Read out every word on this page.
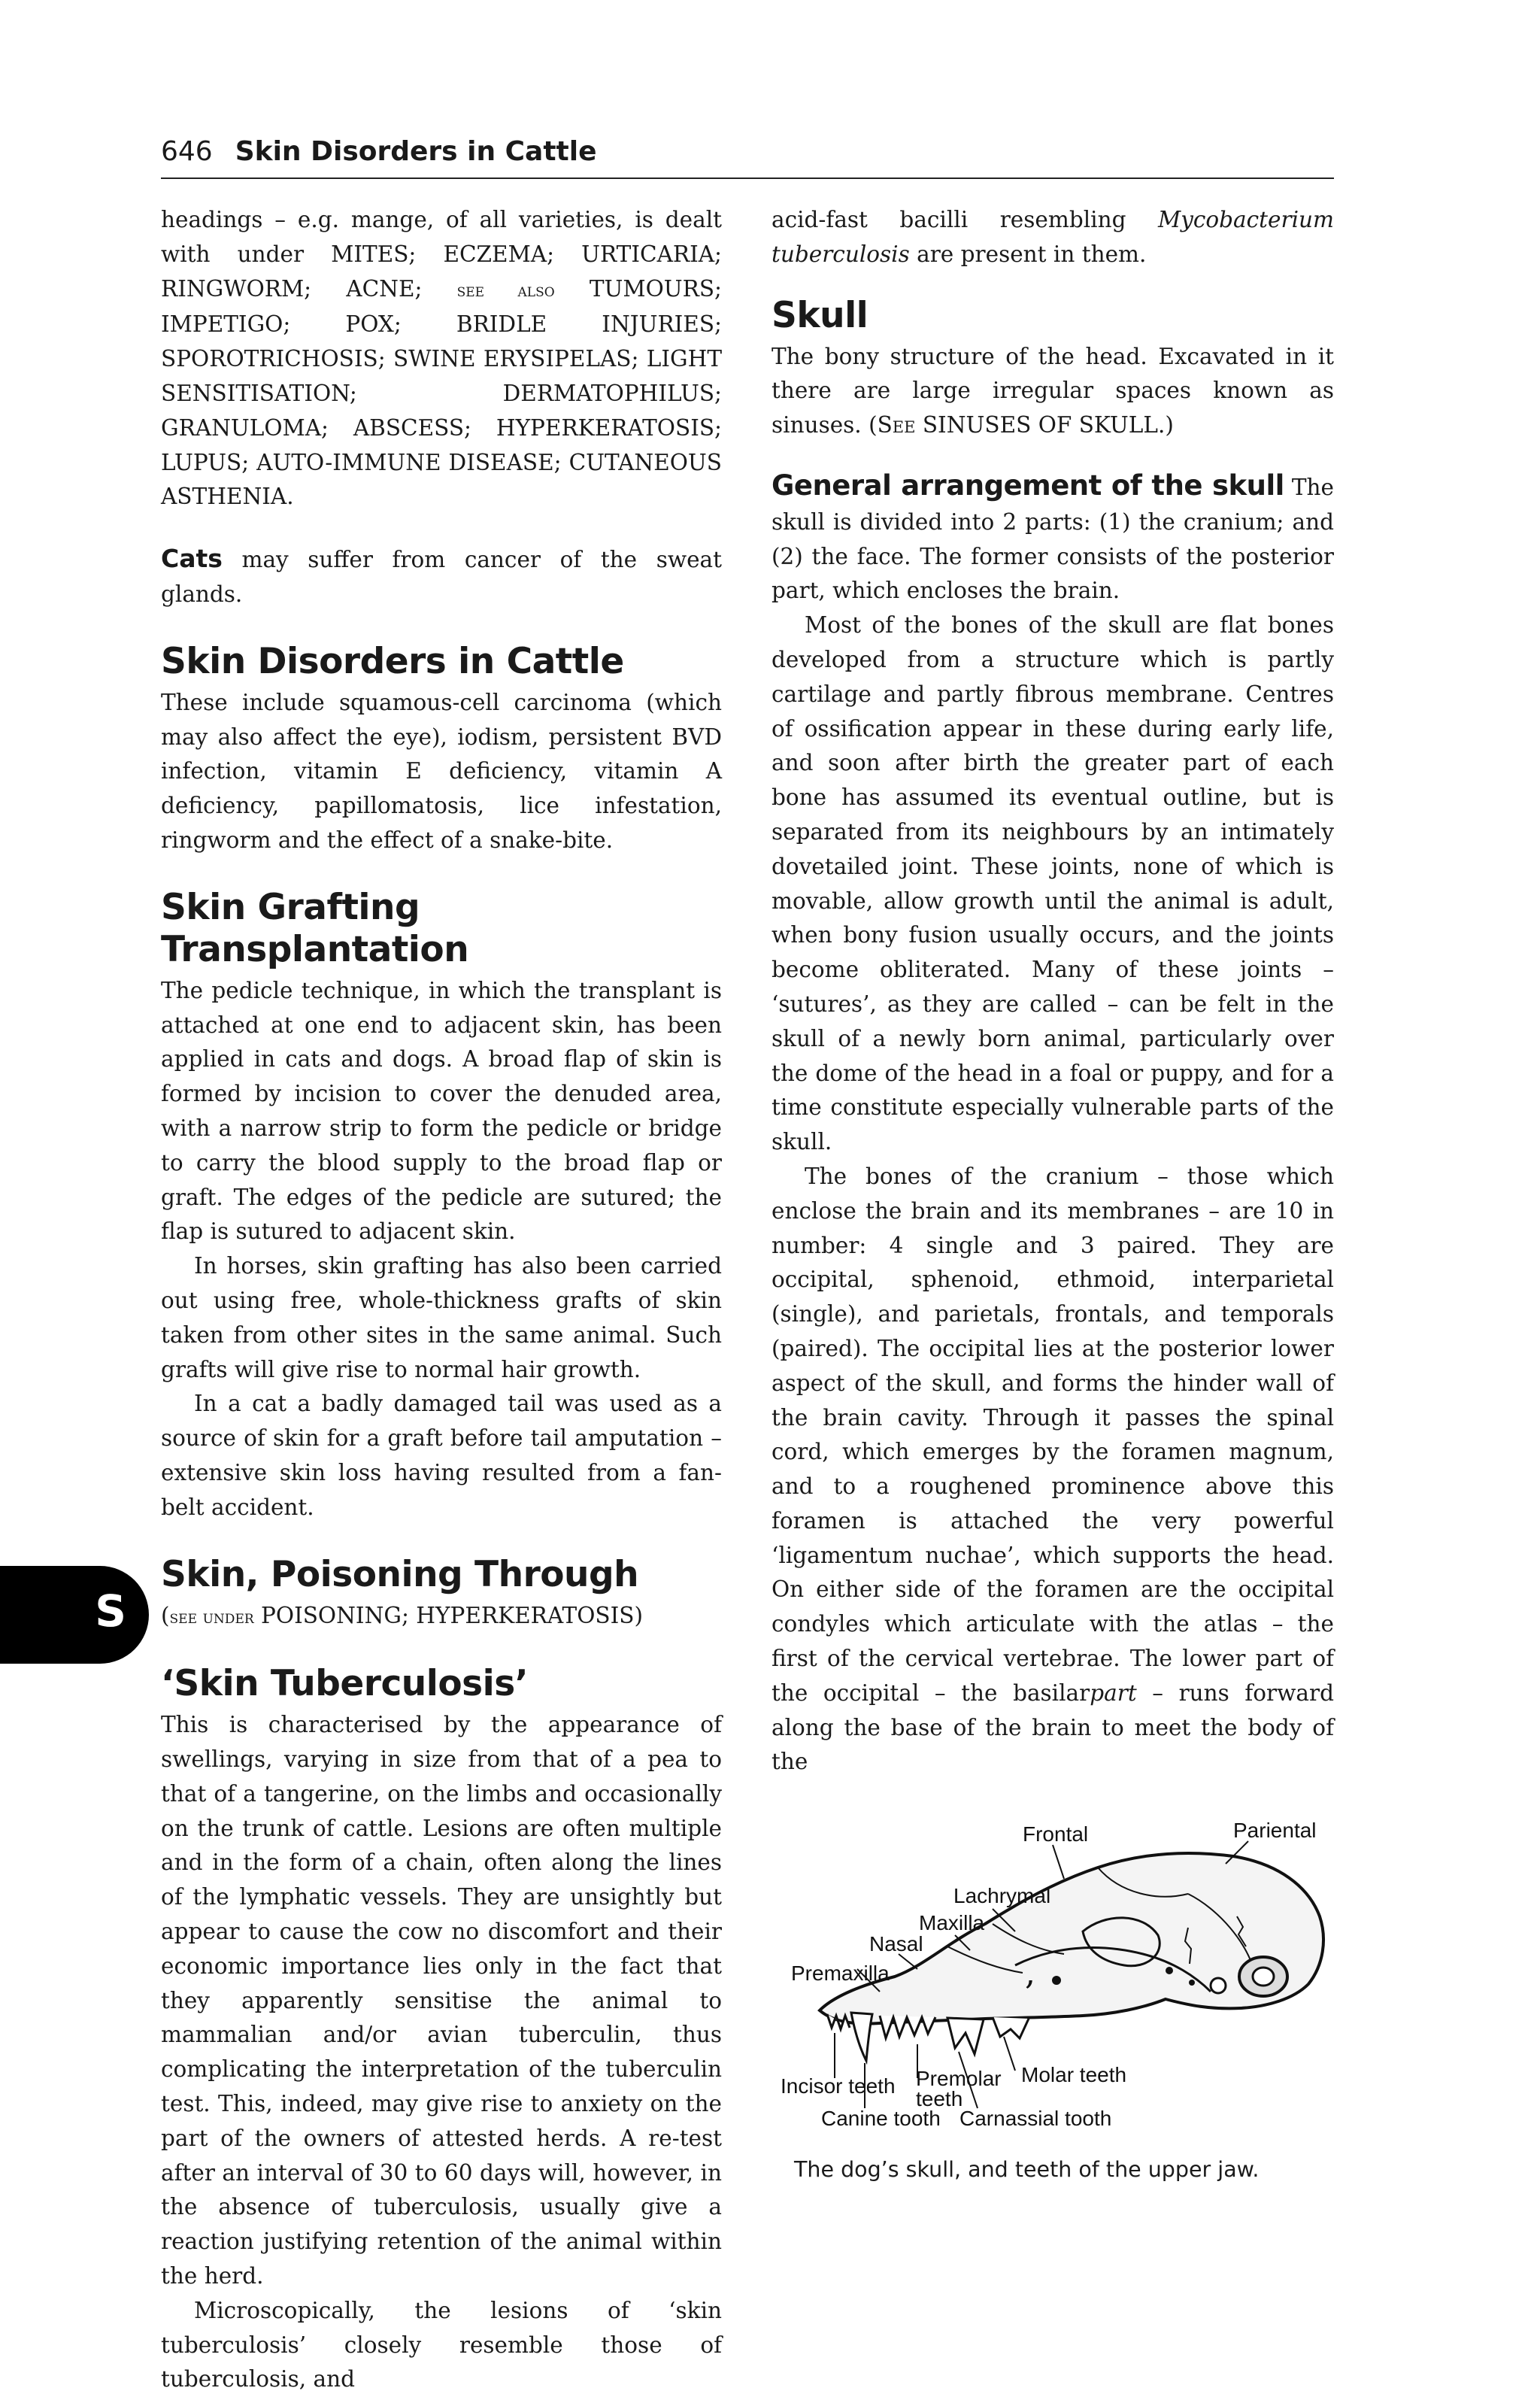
646 Skin Disorders in Cattle

headings – e.g. mange, of all varieties, is dealt with under MITES; ECZEMA; URTICARIA; RINGWORM; ACNE; see also TUMOURS; IMPETIGO; POX; BRIDLE INJURIES; SPOROTRICHOSIS; SWINE ERYSIPELAS; LIGHT SENSITISATION; DERMATOPHILUS; GRANULOMA; ABSCESS; HYPERKERATOSIS; LUPUS; AUTO-IMMUNE DISEASE; CUTANEOUS ASTHENIA.

Cats may suffer from cancer of the sweat glands.

Skin Disorders in Cattle

These include squamous-cell carcinoma (which may also affect the eye), iodism, persistent BVD infection, vitamin E deficiency, vitamin A deficiency, papillomatosis, lice infestation, ringworm and the effect of a snake-bite.

Skin Grafting Transplantation

The pedicle technique, in which the transplant is attached at one end to adjacent skin, has been applied in cats and dogs. A broad flap of skin is formed by incision to cover the denuded area, with a narrow strip to form the pedicle or bridge to carry the blood supply to the broad flap or graft. The edges of the pedicle are sutured; the flap is sutured to adjacent skin.

In horses, skin grafting has also been carried out using free, whole-thickness grafts of skin taken from other sites in the same animal. Such grafts will give rise to normal hair growth.

In a cat a badly damaged tail was used as a source of skin for a graft before tail amputation – extensive skin loss having resulted from a fan-belt accident.

Skin, Poisoning Through

(see under POISONING; HYPERKERATOSIS)

‘Skin Tuberculosis’

This is characterised by the appearance of swellings, varying in size from that of a pea to that of a tangerine, on the limbs and occasionally on the trunk of cattle. Lesions are often multiple and in the form of a chain, often along the lines of the lymphatic vessels. They are unsightly but appear to cause the cow no discomfort and their economic importance lies only in the fact that they apparently sensitise the animal to mammalian and/or avian tuberculin, thus complicating the interpretation of the tuberculin test. This, indeed, may give rise to anxiety on the part of the owners of attested herds. A re-test after an interval of 30 to 60 days will, however, in the absence of tuberculosis, usually give a reaction justifying retention of the animal within the herd.

Microscopically, the lesions of ‘skin tuberculosis’ closely resemble those of tuberculosis, and

acid-fast bacilli resembling Mycobacterium tuberculosis are present in them.

Skull

The bony structure of the head. Excavated in it there are large irregular spaces known as sinuses. (See SINUSES OF SKULL.)

General arrangement of the skull The skull is divided into 2 parts: (1) the cranium; and (2) the face. The former consists of the posterior part, which encloses the brain.

Most of the bones of the skull are flat bones developed from a structure which is partly cartilage and partly fibrous membrane. Centres of ossification appear in these during early life, and soon after birth the greater part of each bone has assumed its eventual outline, but is separated from its neighbours by an intimately dovetailed joint. These joints, none of which is movable, allow growth until the animal is adult, when bony fusion usually occurs, and the joints become obliterated. Many of these joints – ‘sutures’, as they are called – can be felt in the skull of a newly born animal, particularly over the dome of the head in a foal or puppy, and for a time constitute especially vulnerable parts of the skull.

The bones of the cranium – those which enclose the brain and its membranes – are 10 in number: 4 single and 3 paired. They are occipital, sphenoid, ethmoid, interparietal (single), and parietals, frontals, and temporals (paired). The occipital lies at the posterior lower aspect of the skull, and forms the hinder wall of the brain cavity. Through it passes the spinal cord, which emerges by the foramen magnum, and to a roughened prominence above this foramen is attached the very powerful ‘ligamentum nuchae’, which supports the head. On either side of the foramen are the occipital condyles which articulate with the atlas – the first of the cervical vertebrae. The lower part of the occipital – the basilarpart – runs forward along the base of the brain to meet the body of the

S
,
Frontal	Pariental
Lachrymal
Maxilla
Nasal
Premaxilla
Incisor teeth Premolar
teeth
Molar teeth
Canine tooth Carnassial tooth
The dog’s skull, and teeth of the upper jaw.
